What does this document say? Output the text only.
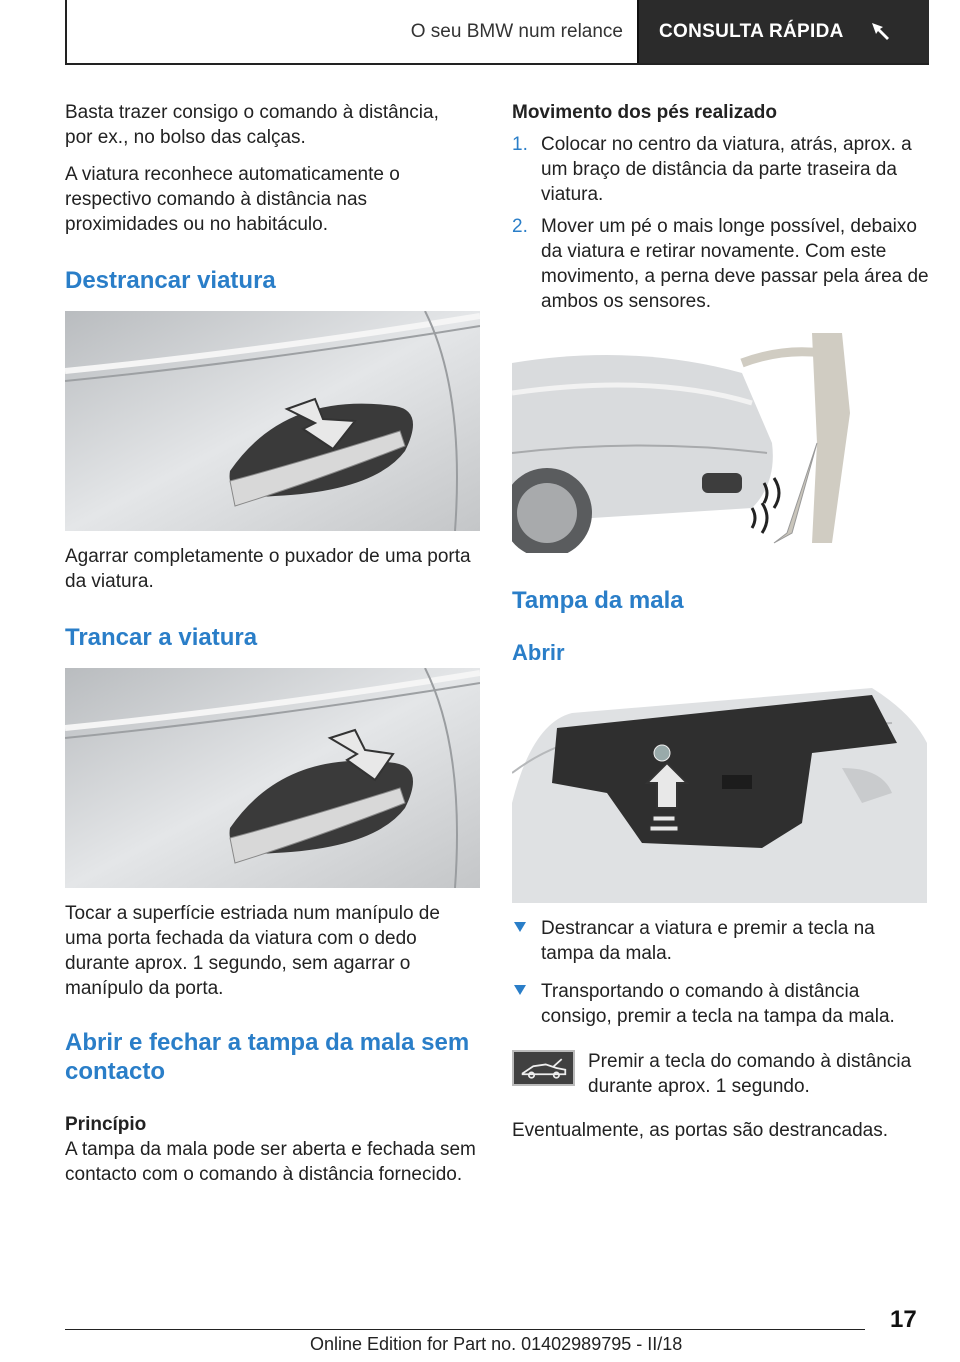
O seu BMW num relance	CONSULTA RÁPIDA

Basta trazer consigo o comando à distância, por ex., no bolso das calças.

A viatura reconhece automaticamente o respectivo comando à distância nas proximidades ou no habitáculo.

Destrancar viatura

Agarrar completamente o puxador de uma porta da viatura.

Trancar a viatura

Tocar a superfície estriada num manípulo de uma porta fechada da viatura com o dedo durante aprox. 1 segundo, sem agarrar o manípulo da porta.

Abrir e fechar a tampa da mala sem contacto
Princípio

A tampa da mala pode ser aberta e fechada sem contacto com o comando à distância fornecido.

Movimento dos pés realizado
1. Colocar no centro da viatura, atrás, aprox. a um braço de distância da parte traseira da viatura.
2. Mover um pé o mais longe possível, debaixo da viatura e retirar novamente. Com este movimento, a perna deve passar pela área de ambos os sensores.
Tampa da mala
Abrir
Destrancar a viatura e premir a tecla na tampa da mala.
Transportando o comando à distância consigo, premir a tecla na tampa da mala.

Premir a tecla do comando à distância durante aprox. 1 segundo.

Eventualmente, as portas são destrancadas.

17
Online Edition for Part no. 01402989795 - II/18
